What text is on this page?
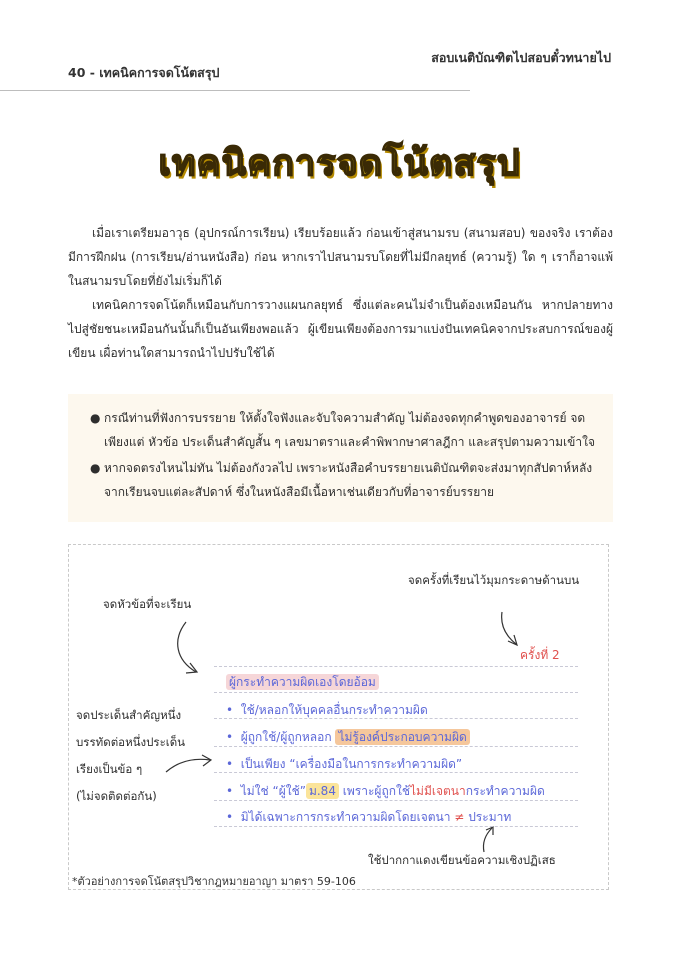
สอบเนติบัณฑิตไปสอบตั๋วทนายไป
40 - เทคนิคการจดโน้ตสรุป
เทคนิคการจดโน้ตสรุป
เมื่อเราเตรียมอาวุธ (อุปกรณ์การเรียน) เรียบร้อยแล้ว ก่อนเข้าสู่สนามรบ (สนามสอบ) ของจริง เราต้องมีการฝึกฝน (การเรียน/อ่านหนังสือ) ก่อน หากเราไปสนามรบโดยที่ไม่มีกลยุทธ์ (ความรู้) ใด ๆ เราก็อาจแพ้ในสนามรบโดยที่ยังไม่เริ่มก็ได้
เทคนิคการจดโน้ตก็เหมือนกับการวางแผนกลยุทธ์ ซึ่งแต่ละคนไม่จำเป็นต้องเหมือนกัน หากปลายทางไปสู่ชัยชนะเหมือนกันนั้นก็เป็นอันเพียงพอแล้ว ผู้เขียนเพียงต้องการมาแบ่งปันเทคนิคจากประสบการณ์ของผู้เขียน เผื่อท่านใดสามารถนำไปปรับใช้ได้
● กรณีท่านที่ฟังการบรรยาย ให้ตั้งใจฟังและจับใจความสำคัญ ไม่ต้องจดทุกคำพูดของอาจารย์ จดเพียงแต่ หัวข้อ ประเด็นสำคัญสั้น ๆ เลขมาตราและคำพิพากษาศาลฎีกา และสรุปตามความเข้าใจ
● หากจดตรงไหนไม่ทัน ไม่ต้องกังวลไป เพราะหนังสือคำบรรยายเนติบัณฑิตจะส่งมาทุกสัปดาห์หลังจากเรียนจบแต่ละสัปดาห์ ซึ่งในหนังสือมีเนื้อหาเช่นเดียวกับที่อาจารย์บรรยาย
จดครั้งที่เรียนไว้มุมกระดาษด้านบน
จดหัวข้อที่จะเรียน
ครั้งที่ 2
ผู้กระทำความผิดเองโดยอ้อม
• ใช้/หลอกให้บุคคลอื่นกระทำความผิด
• ผู้ถูกใช้/ผู้ถูกหลอก ไม่รู้องค์ประกอบความผิด
• เป็นเพียง “เครื่องมือในการกระทำความผิด”
• ไม่ใช่ “ผู้ใช้” ม.84 เพราะผู้ถูกใช้ไม่มีเจตนากระทำความผิด
• มิได้เฉพาะการกระทำความผิดโดยเจตนา ≠ ประมาท
จดประเด็นสำคัญหนึ่ง
บรรทัดต่อหนึ่งประเด็น
เรียงเป็นข้อ ๆ
(ไม่จดติดต่อกัน)
ใช้ปากกาแดงเขียนข้อความเชิงปฏิเสธ
*ตัวอย่างการจดโน้ตสรุปวิชากฎหมายอาญา มาตรา 59-106
